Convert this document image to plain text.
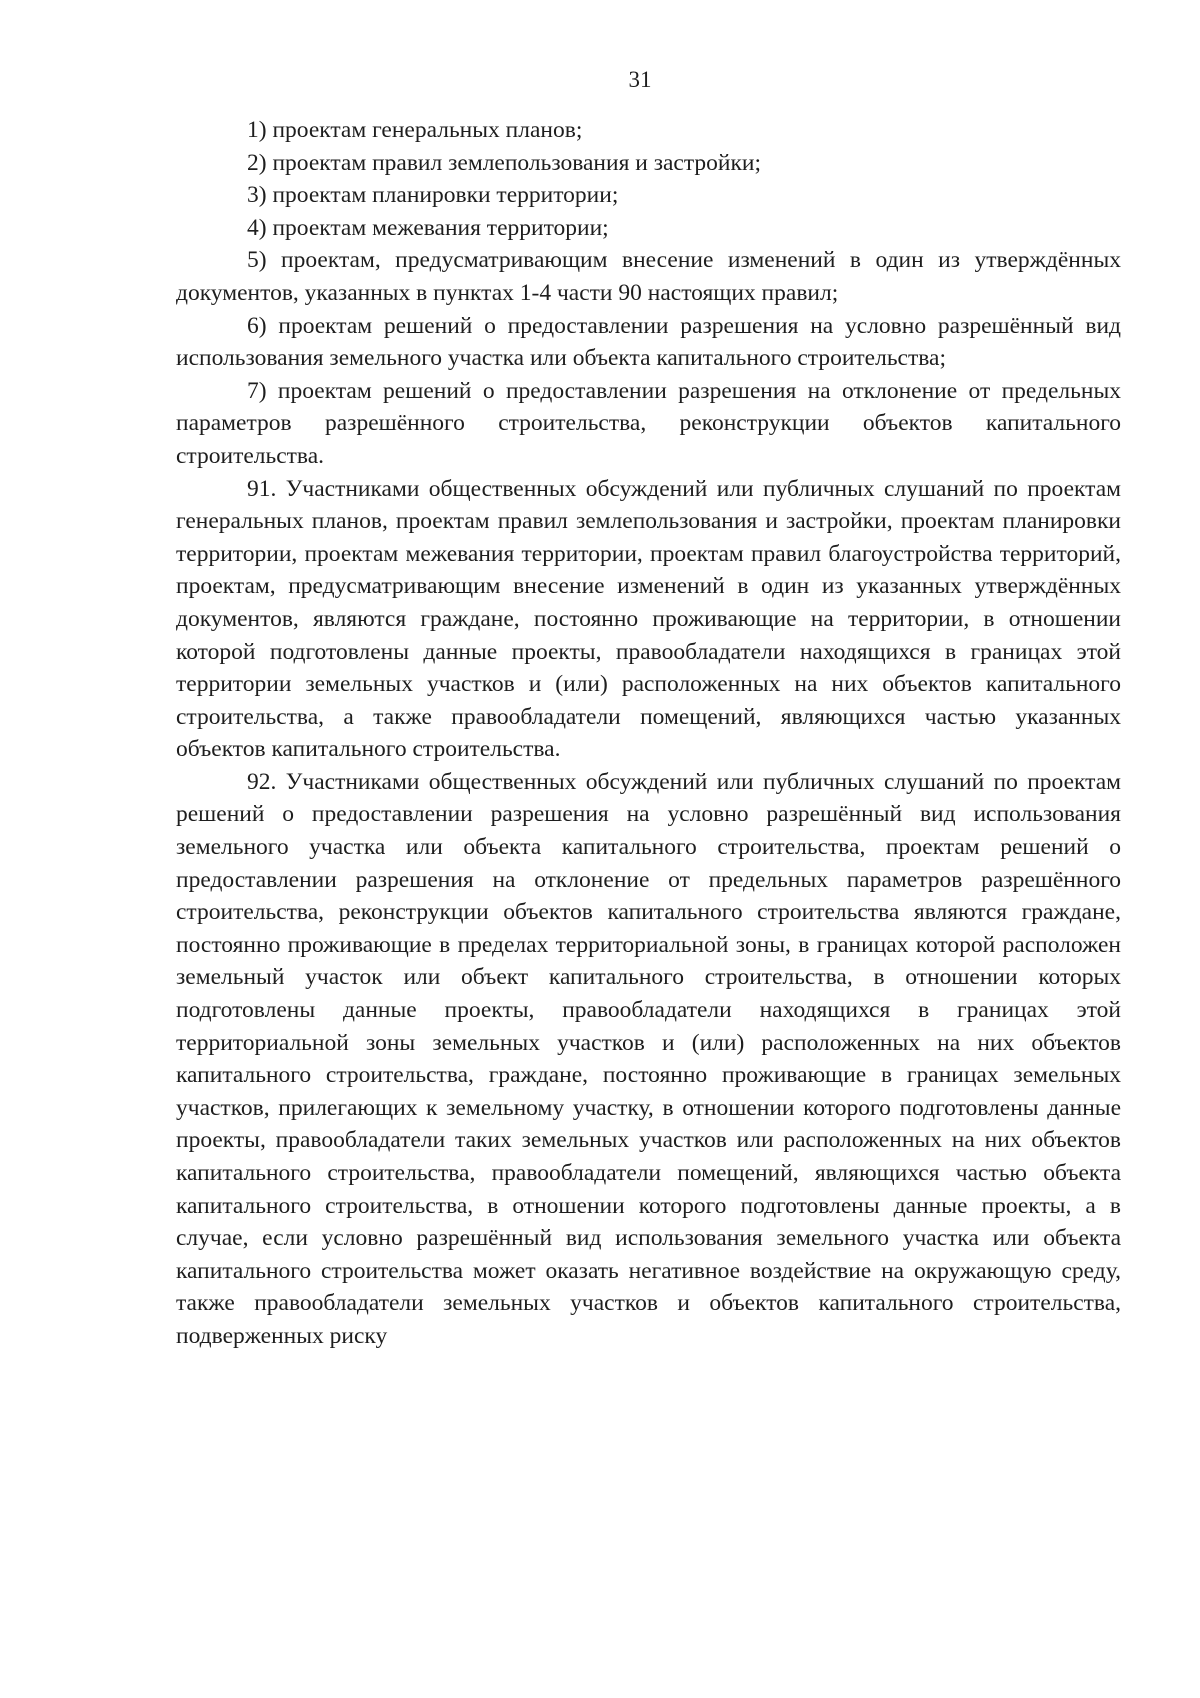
31

1) проектам генеральных планов;

2) проектам правил землепользования и застройки;

3) проектам планировки территории;

4) проектам межевания территории;

5) проектам, предусматривающим внесение изменений в один из утверждённых документов, указанных в пунктах 1-4 части 90 настоящих правил;

6) проектам решений о предоставлении разрешения на условно разрешённый вид использования земельного участка или объекта капитального строительства;

7) проектам решений о предоставлении разрешения на отклонение от предельных параметров разрешённого строительства, реконструкции объектов капитального строительства.

91. Участниками общественных обсуждений или публичных слушаний по проектам генеральных планов, проектам правил землепользования и застройки, проектам планировки территории, проектам межевания территории, проектам правил благоустройства территорий, проектам, предусматривающим внесение изменений в один из указанных утверждённых документов, являются граждане, постоянно проживающие на территории, в отношении которой подготовлены данные проекты, правообладатели находящихся в границах этой территории земельных участков и (или) расположенных на них объектов капитального строительства, а также правообладатели помещений, являющихся частью указанных объектов капитального строительства.

92. Участниками общественных обсуждений или публичных слушаний по проектам решений о предоставлении разрешения на условно разрешённый вид использования земельного участка или объекта капитального строительства, проектам решений о предоставлении разрешения на отклонение от предельных параметров разрешённого строительства, реконструкции объектов капитального строительства являются граждане, постоянно проживающие в пределах территориальной зоны, в границах которой расположен земельный участок или объект капитального строительства, в отношении которых подготовлены данные проекты, правообладатели находящихся в границах этой территориальной зоны земельных участков и (или) расположенных на них объектов капитального строительства, граждане, постоянно проживающие в границах земельных участков, прилегающих к земельному участку, в отношении которого подготовлены данные проекты, правообладатели таких земельных участков или расположенных на них объектов капитального строительства, правообладатели помещений, являющихся частью объекта капитального строительства, в отношении которого подготовлены данные проекты, а в случае, если условно разрешённый вид использования земельного участка или объекта капитального строительства может оказать негативное воздействие на окружающую среду, также правообладатели земельных участков и объектов капитального строительства, подверженных риску
